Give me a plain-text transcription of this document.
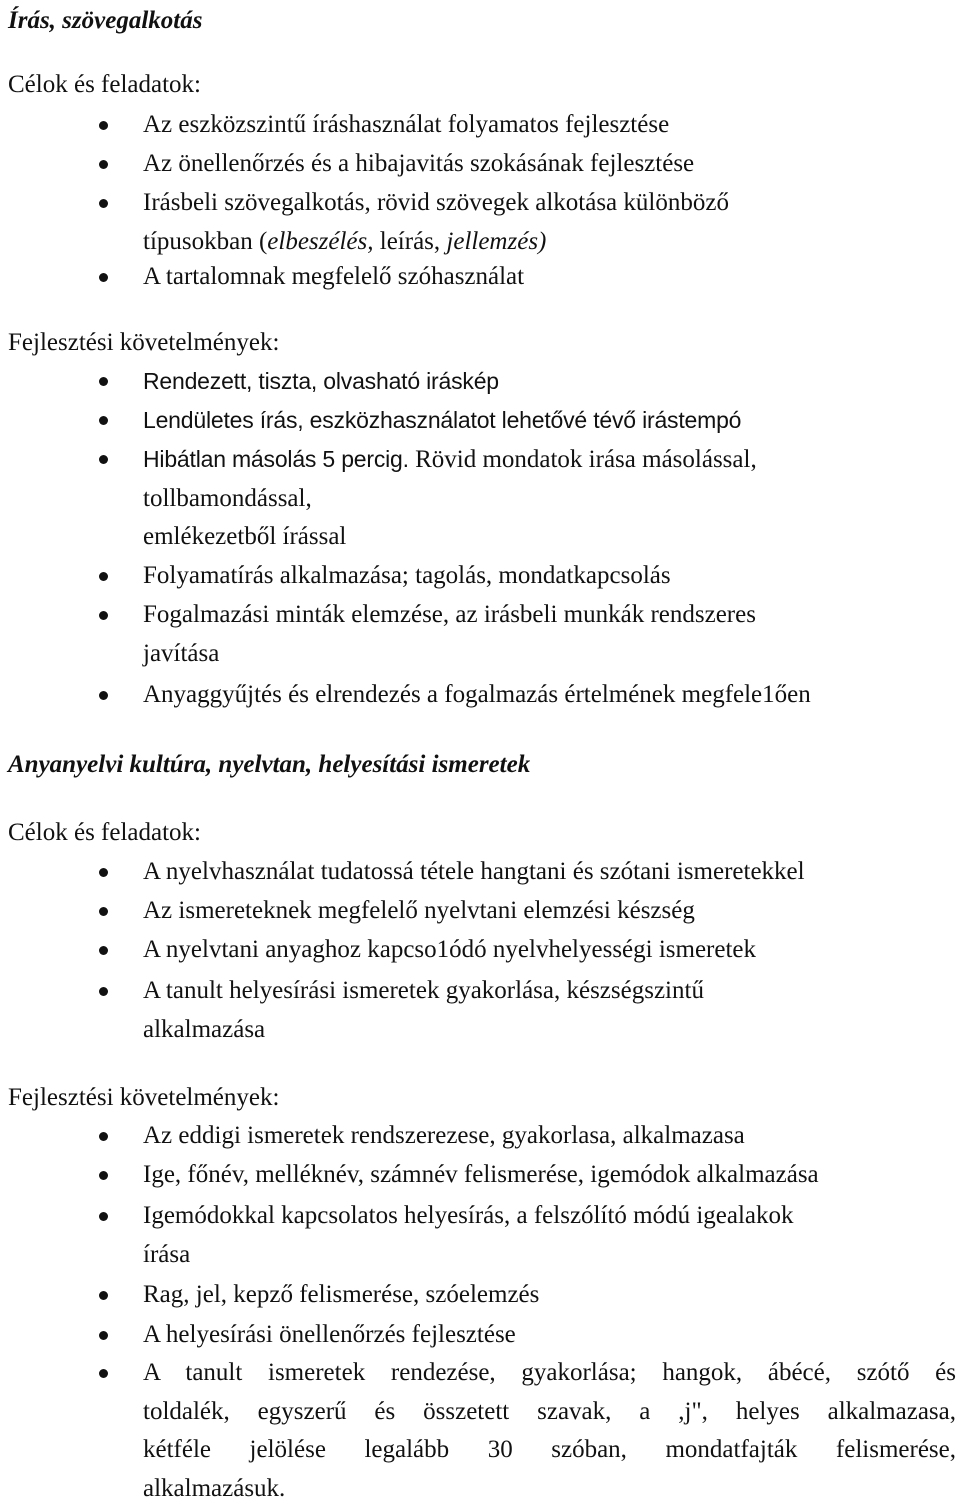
Írás, szövegalkotás
Célok és feladatok:
Az eszközszintű íráshasználat folyamatos fejlesztése
Az önellenőrzés és a hibajavitás szokásának fejlesztése
Irásbeli szövegalkotás, rövid szövegek alkotása különböző
típusokban (elbeszélés, leírás, jellemzés)
A tartalomnak megfelelő szóhasználat
Fejlesztési követelmények:
Rendezett, tiszta, olvasható iráskép
Lendületes írás, eszközhasználatot lehetővé tévő irástempó
Hibátlan másolás 5 percig. Rövid mondatok irása másolással,
tollbamondással,
emlékezetből írással
Folyamatírás alkalmazása; tagolás, mondatkapcsolás
Fogalmazási minták elemzése, az irásbeli munkák rendszeres
javítása
Anyaggyűjtés és elrendezés a fogalmazás értelmének megfele1ően
Anyanyelvi kultúra, nyelvtan, helyesítási ismeretek
Célok és feladatok:
A nyelvhasználat tudatossá tétele hangtani és szótani ismeretekkel
Az ismereteknek megfelelő nyelvtani elemzési készség
A nyelvtani anyaghoz kapcso1ódó nyelvhelyességi ismeretek
A tanult helyesírási ismeretek gyakorlása, készségszintű
alkalmazása
Fejlesztési követelmények:
Az eddigi ismeretek rendszerezese, gyakorlasa, alkalmazasa
Ige, főnév, melléknév, számnév felismerése, igemódok alkalmazása
Igemódokkal kapcsolatos helyesírás, a felszólító módú igealakok
írása
Rag, jel, kepző felismerése, szóelemzés
A helyesírási önellenőrzés fejlesztése
A tanult ismeretek rendezése, gyakorlása; hangok, ábécé, szótő és
toldalék, egyszerű és összetett szavak, a ,j", helyes alkalmazasa,
kétféle jelölése legalább 30 szóban, mondatfajták felismerése,
alkalmazásuk.
